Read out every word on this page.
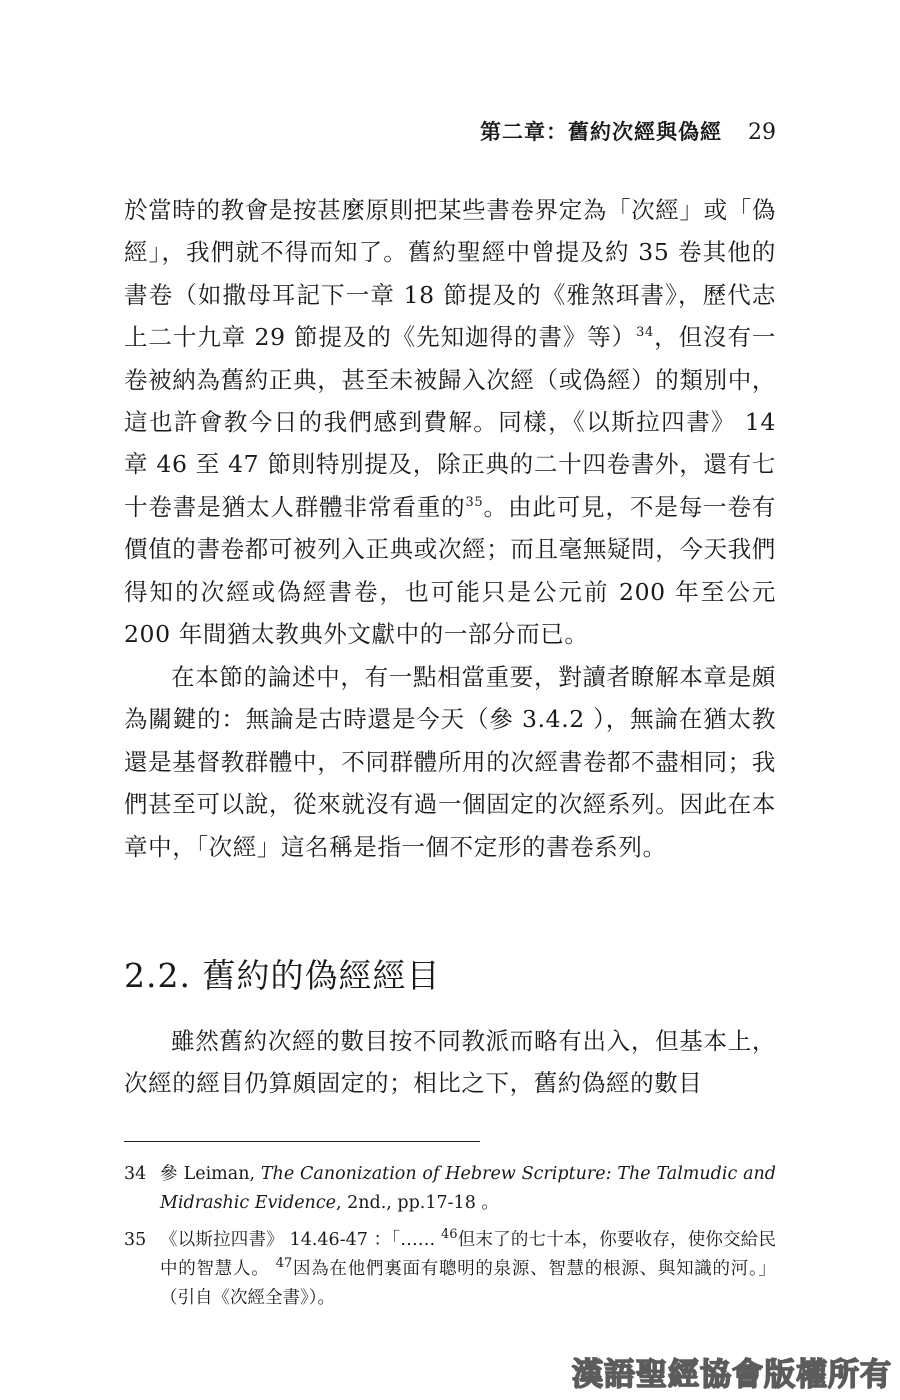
第二章：舊約次經與偽經 29
於當時的教會是按甚麼原則把某些書卷界定為「次經」或「偽經」，我們就不得而知了。舊約聖經中曾提及約 35 卷其他的書卷（如撒母耳記下一章 18 節提及的《雅煞珥書》，歷代志上二十九章 29 節提及的《先知迦得的書》等）$^{34}$，但沒有一卷被納為舊約正典，甚至未被歸入次經（或偽經）的類別中，這也許會教今日的我們感到費解。同樣，《以斯拉四書》 14 章 46 至 47 節則特別提及，除正典的二十四卷書外，還有七十卷書是猶太人群體非常看重的$^{35}$。由此可見，不是每一卷有價值的書卷都可被列入正典或次經；而且毫無疑問，今天我們得知的次經或偽經書卷，也可能只是公元前 200 年至公元 200 年間猶太教典外文獻中的一部分而已。
在本節的論述中，有一點相當重要，對讀者瞭解本章是頗為關鍵的：無論是古時還是今天（參 3.4.2 ），無論在猶太教還是基督教群體中，不同群體所用的次經書卷都不盡相同；我們甚至可以說，從來就沒有過一個固定的次經系列。因此在本章中，「次經」這名稱是指一個不定形的書卷系列。
2.2. 舊約的偽經經目
雖然舊約次經的數目按不同教派而略有出入，但基本上，次經的經目仍算頗固定的；相比之下，舊約偽經的數目
34 參 Leiman, The Canonization of Hebrew Scripture: The Talmudic and Midrashic Evidence, 2nd., pp.17-18 。
35 《以斯拉四書》 14.46-47 ：「…… $^{46}$但末了的七十本，你要收存，使你交給民中的智慧人。 $^{47}$因為在他們裏面有聰明的泉源、智慧的根源、與知識的河。」（引自《次經全書》）。
漢語聖經協會版權所有
